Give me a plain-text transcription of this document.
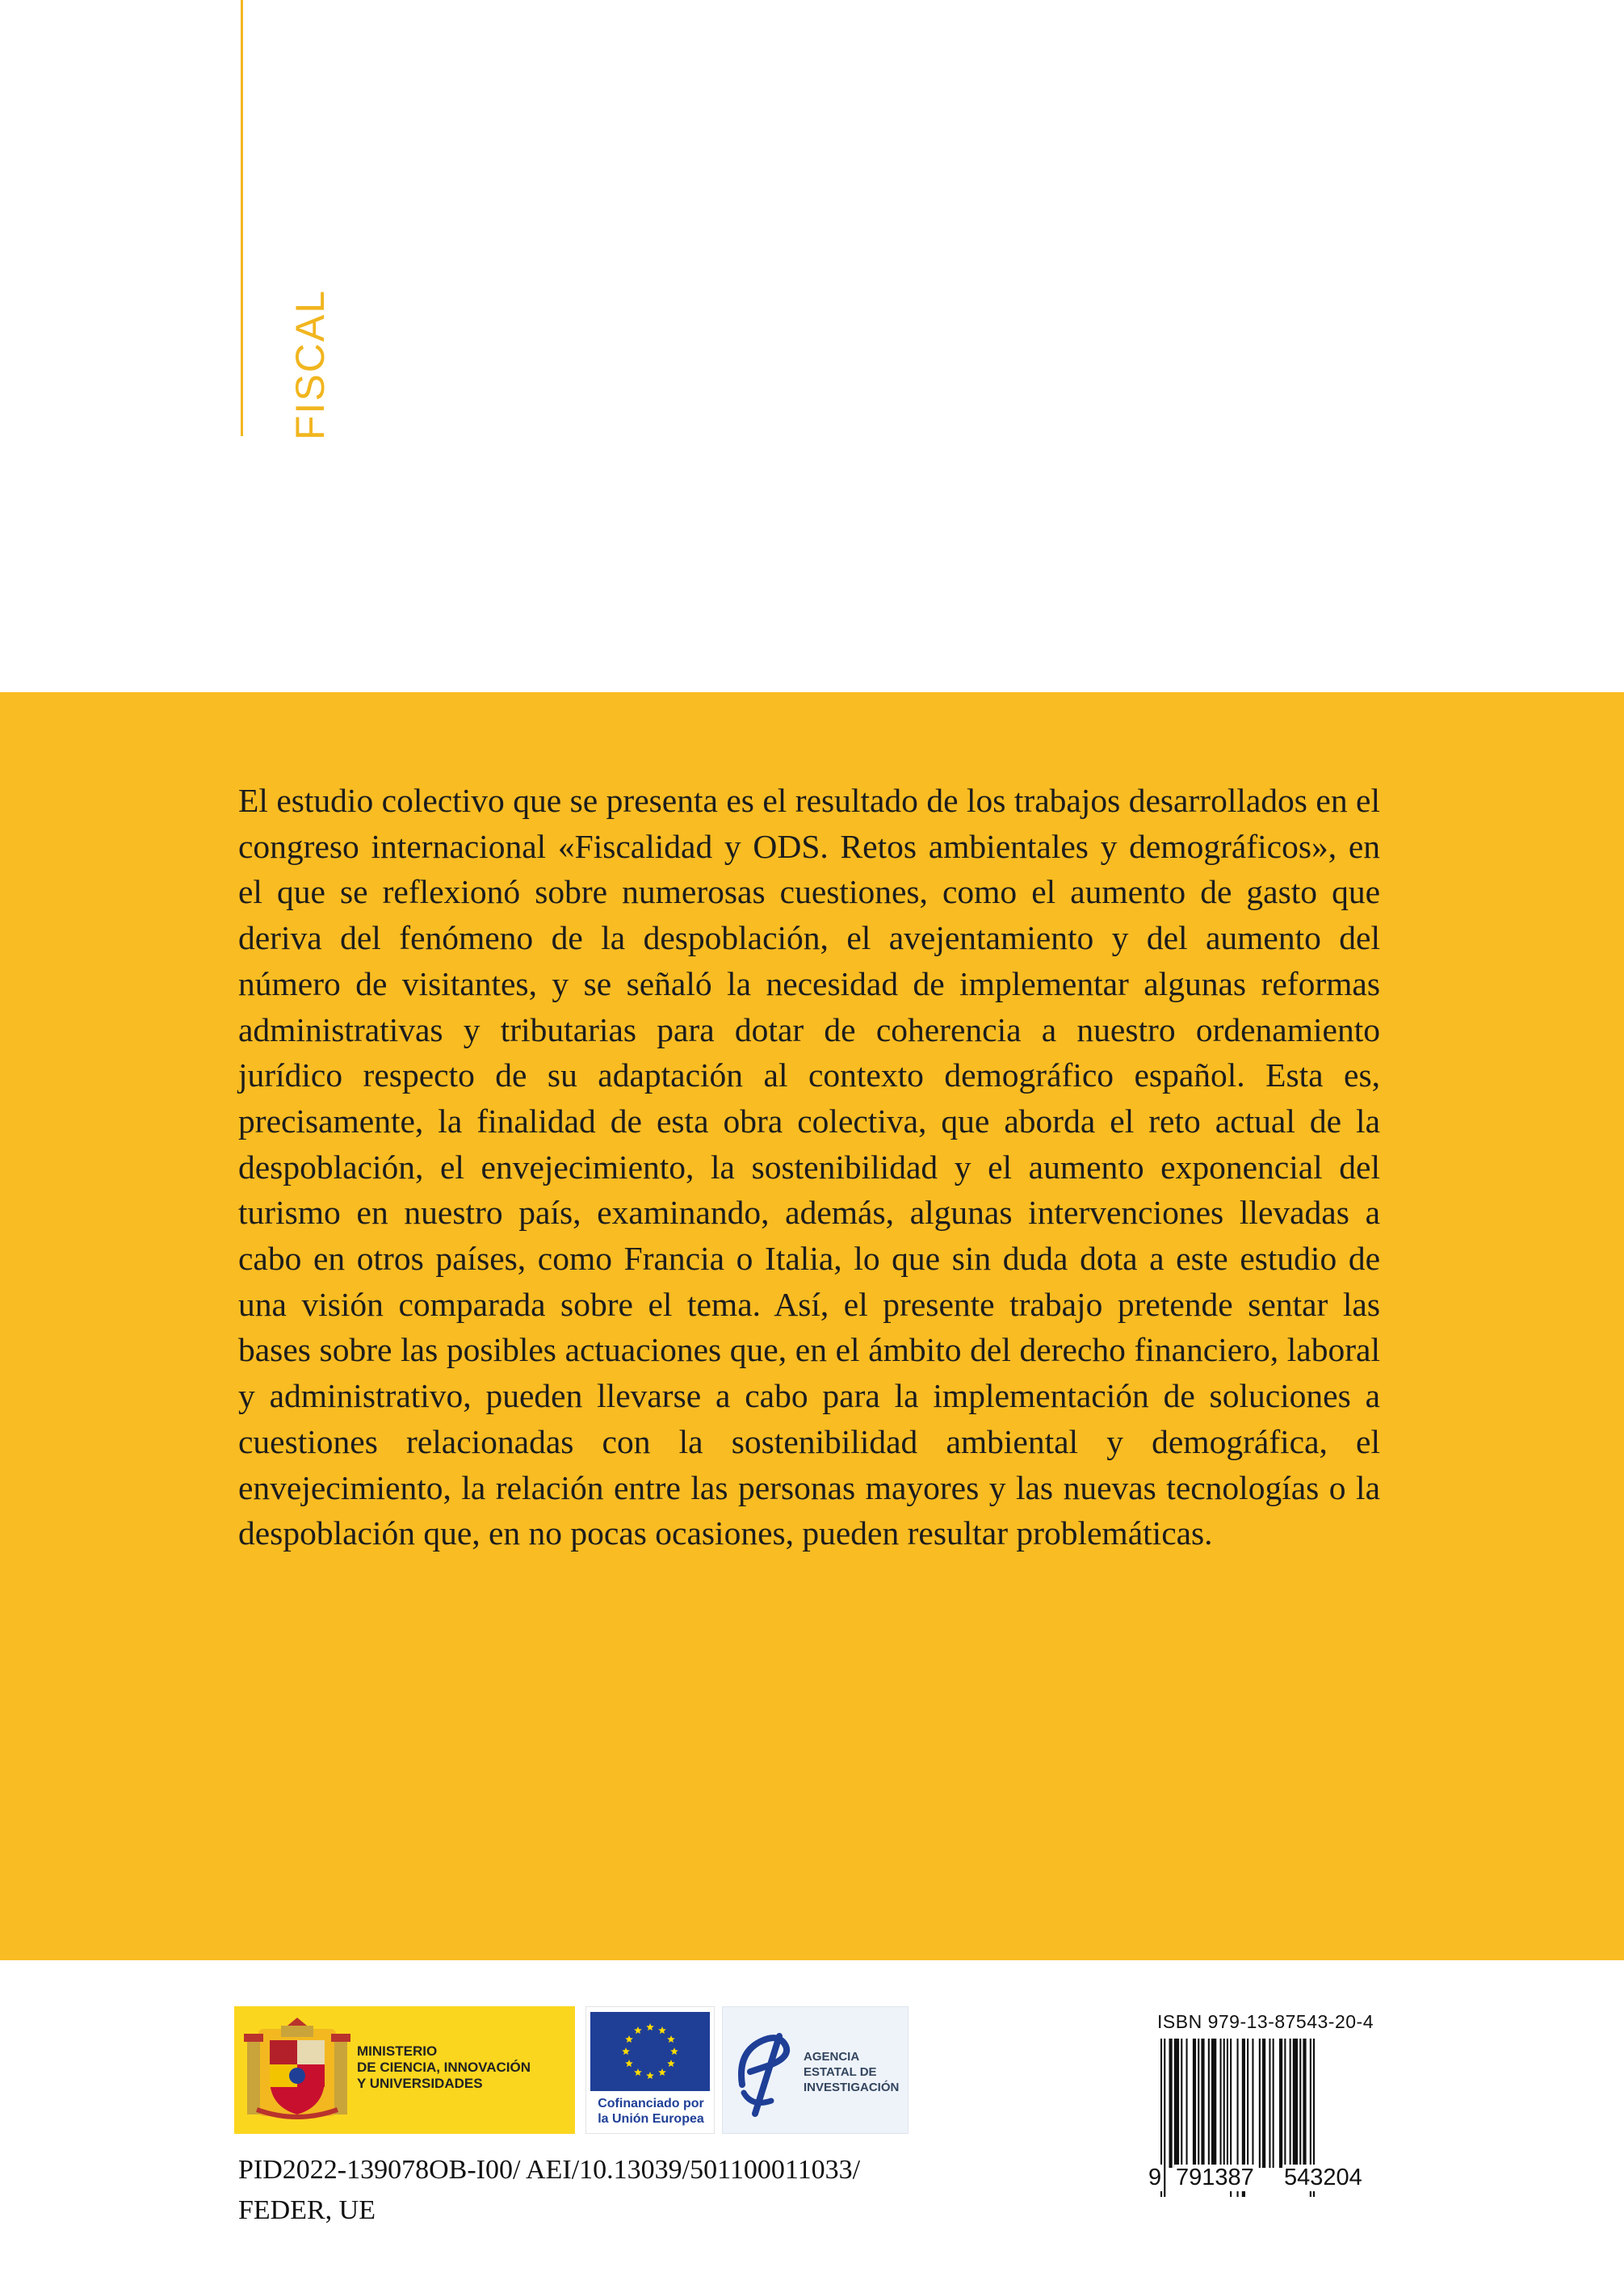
FISCAL

El estudio colectivo que se presenta es el resultado de los trabajos desarrollados en el congreso internacional «Fiscalidad y ODS. Retos ambientales y demográficos», en el que se reflexionó sobre numerosas cuestiones, como el aumento de gasto que deriva del fenómeno de la despoblación, el avejentamiento y del aumento del número de visitantes, y se señaló la necesidad de implementar algunas reformas administrativas y tributarias para dotar de coherencia a nuestro ordenamiento jurídico respecto de su adaptación al contexto demográfico español. Esta es, precisamente, la finalidad de esta obra colectiva, que aborda el reto actual de la despoblación, el envejecimiento, la sostenibilidad y el aumento exponencial del turismo en nuestro país, examinando, además, algunas intervenciones llevadas a cabo en otros países, como Francia o Italia, lo que sin duda dota a este estudio de una visión comparada sobre el tema. Así, el presente trabajo pretende sentar las bases sobre las posibles actuaciones que, en el ámbito del derecho financiero, laboral y administrativo, pueden llevarse a cabo para la implementación de soluciones a cuestiones relacionadas con la sostenibilidad ambiental y demográfica, el envejecimiento, la relación entre las personas mayores y las nuevas tecnologías o la despoblación que, en no pocas ocasiones, pueden resultar problemáticas.

MINISTERIO
DE CIENCIA, INNOVACIÓN
Y UNIVERSIDADES
Cofinanciado por
la Unión Europea
AGENCIA
ESTATAL DE
INVESTIGACIÓN
PID2022-139078OB-I00/ AEI/10.13039/501100011033/
FEDER, UE
ISBN 979-13-87543-20-4
9 791387 543204
